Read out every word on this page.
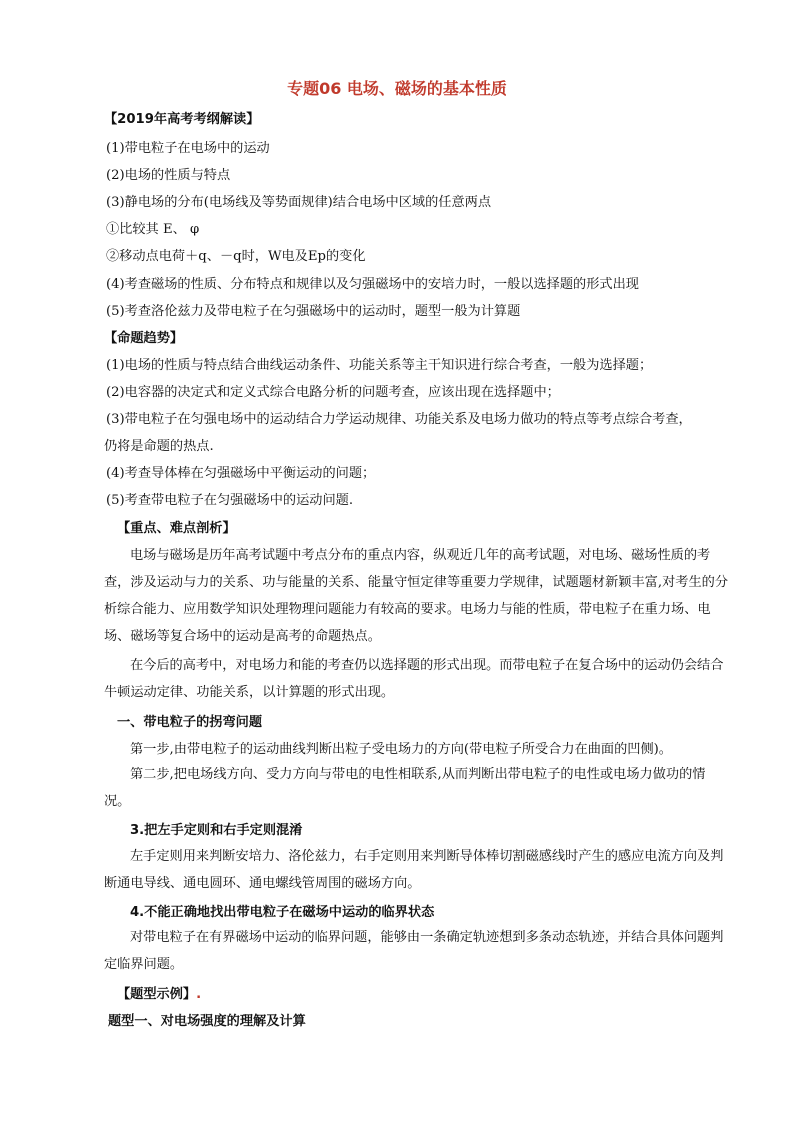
专题06 电场、磁场的基本性质
【2019年高考考纲解读】
(1)带电粒子在电场中的运动
(2)电场的性质与特点
(3)静电场的分布(电场线及等势面规律)结合电场中区域的任意两点
①比较其 E、 φ
②移动点电荷＋q、－q时，W电及Ep的变化
(4)考查磁场的性质、分布特点和规律以及匀强磁场中的安培力时，一般以选择题的形式出现
(5)考查洛伦兹力及带电粒子在匀强磁场中的运动时，题型一般为计算题
【命题趋势】
(1)电场的性质与特点结合曲线运动条件、功能关系等主干知识进行综合考查，一般为选择题；
(2)电容器的决定式和定义式综合电路分析的问题考查，应该出现在选择题中；
(3)带电粒子在匀强电场中的运动结合力学运动规律、功能关系及电场力做功的特点等考点综合考查，
仍将是命题的热点.
(4)考查导体棒在匀强磁场中平衡运动的问题；
(5)考查带电粒子在匀强磁场中的运动问题.
【重点、难点剖析】
电场与磁场是历年高考试题中考点分布的重点内容，纵观近几年的高考试题，对电场、磁场性质的考查，涉及运动与力的关系、功与能量的关系、能量守恒定律等重要力学规律，试题题材新颖丰富,对考生的分析综合能力、应用数学知识处理物理问题能力有较高的要求。电场力与能的性质，带电粒子在重力场、电场、磁场等复合场中的运动是高考的命题热点。
在今后的高考中，对电场力和能的考查仍以选择题的形式出现。而带电粒子在复合场中的运动仍会结合牛顿运动定律、功能关系，以计算题的形式出现。
一、带电粒子的拐弯问题
第一步,由带电粒子的运动曲线判断出粒子受电场力的方向(带电粒子所受合力在曲面的凹侧)。
第二步,把电场线方向、受力方向与带电的电性相联系,从而判断出带电粒子的电性或电场力做功的情况。
3.把左手定则和右手定则混淆
左手定则用来判断安培力、洛伦兹力，右手定则用来判断导体棒切割磁感线时产生的感应电流方向及判断通电导线、通电圆环、通电螺线管周围的磁场方向。
4.不能正确地找出带电粒子在磁场中运动的临界状态
对带电粒子在有界磁场中运动的临界问题，能够由一条确定轨迹想到多条动态轨迹，并结合具体问题判定临界问题。
【题型示例】.
题型一、对电场强度的理解及计算
